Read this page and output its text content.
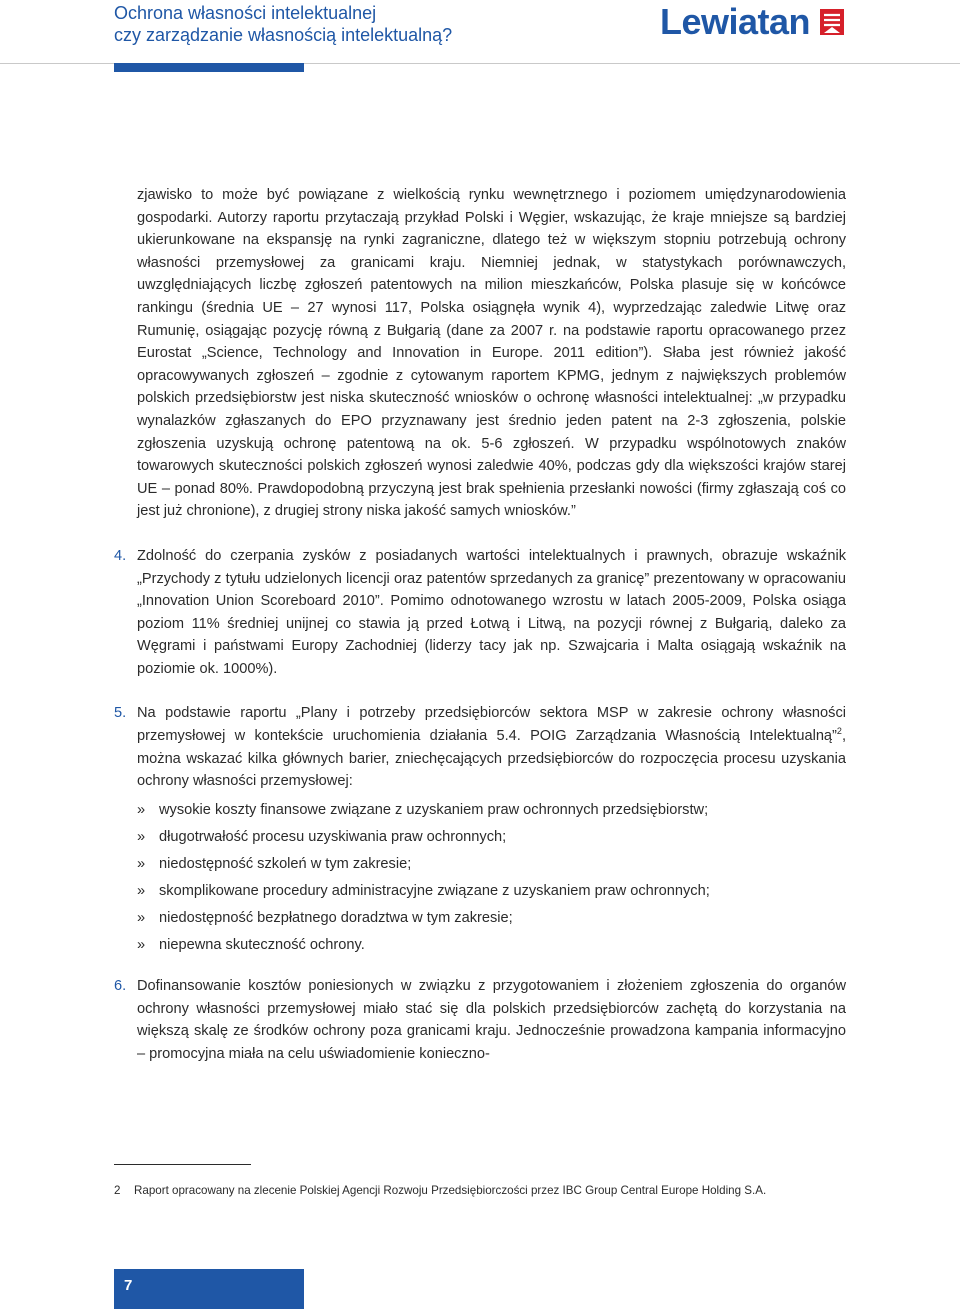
Ochrona własności intelektualnej
czy zarządzanie własnością intelektualną?	Lewiatan

zjawisko to może być powiązane z wielkością rynku wewnętrznego i poziomem umiędzynarodowienia gospodarki. Autorzy raportu przytaczają przykład Polski i Węgier, wskazując, że kraje mniejsze są bardziej ukierunkowane na ekspansję na rynki zagraniczne, dlatego też w większym stopniu potrzebują ochrony własności przemysłowej za granicami kraju. Niemniej jednak, w statystykach porównawczych, uwzględniających liczbę zgłoszeń patentowych na milion mieszkańców, Polska plasuje się w końcówce rankingu (średnia UE – 27 wynosi 117, Polska osiągnęła wynik 4), wyprzedzając zaledwie Litwę oraz Rumunię, osiągając pozycję równą z Bułgarią (dane za 2007 r. na podstawie raportu opracowanego przez Eurostat „Science, Technology and Innovation in Europe. 2011 edition”). Słaba jest również jakość opracowywanych zgłoszeń – zgodnie z cytowanym raportem KPMG, jednym z największych problemów polskich przedsiębiorstw jest niska skuteczność wniosków o ochronę własności intelektualnej: „w przypadku wynalazków zgłaszanych do EPO przyznawany jest średnio jeden patent na 2-3 zgłoszenia, polskie zgłoszenia uzyskują ochronę patentową na ok. 5-6 zgłoszeń. W przypadku wspólnotowych znaków towarowych skuteczności polskich zgłoszeń wynosi zaledwie 40%, podczas gdy dla większości krajów starej UE – ponad 80%. Prawdopodobną przyczyną jest brak spełnienia przesłanki nowości (firmy zgłaszają coś co jest już chronione), z drugiej strony niska jakość samych wniosków.”

4. Zdolność do czerpania zysków z posiadanych wartości intelektualnych i prawnych, obrazuje wskaźnik „Przychody z tytułu udzielonych licencji oraz patentów sprzedanych za granicę” prezentowany w opracowaniu „Innovation Union Scoreboard 2010”. Pomimo odnotowanego wzrostu w latach 2005-2009, Polska osiąga poziom 11% średniej unijnej co stawia ją przed Łotwą i Litwą, na pozycji równej z Bułgarią, daleko za Węgrami i państwami Europy Zachodniej (liderzy tacy jak np. Szwajcaria i Malta osiągają wskaźnik na poziomie ok. 1000%).
5. Na podstawie raportu „Plany i potrzeby przedsiębiorców sektora MSP w zakresie ochrony własności przemysłowej w kontekście uruchomienia działania 5.4. POIG Zarządzania Własnością Intelektualną”$^2$, można wskazać kilka głównych barier, zniechęcających przedsiębiorców do rozpoczęcia procesu uzyskania ochrony własności przemysłowej:
» wysokie koszty finansowe związane z uzyskaniem praw ochronnych przedsiębiorstw;
» długotrwałość procesu uzyskiwania praw ochronnych;
» niedostępność szkoleń w tym zakresie;
» skomplikowane procedury administracyjne związane z uzyskaniem praw ochronnych;
» niedostępność bezpłatnego doradztwa w tym zakresie;
» niepewna skuteczność ochrony.
6. Dofinansowanie kosztów poniesionych w związku z przygotowaniem i złożeniem zgłoszenia do organów ochrony własności przemysłowej miało stać się dla polskich przedsiębiorców zachętą do korzystania na większą skalę ze środków ochrony poza granicami kraju. Jednocześnie prowadzona kampania informacyjno – promocyjna miała na celu uświadomienie konieczno-
2 Raport opracowany na zlecenie Polskiej Agencji Rozwoju Przedsiębiorczości przez IBC Group Central Europe Holding S.A.
7
